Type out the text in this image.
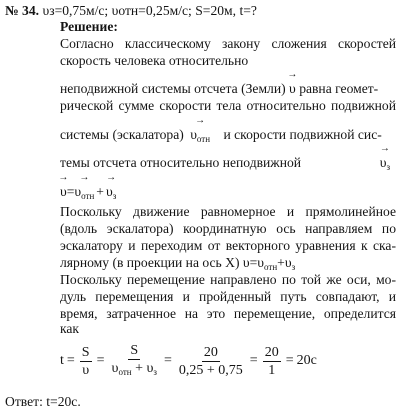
№ 34. υз=0,75м/с; υотн=0,25м/с; S=20м, t=?
Решение:
Согласно классическому закону сложения скоростей
скорость человека относительно
неподвижной системы отсчета (Земли)
→
υ равна геомет-
рической сумме скорости тела относительно подвижной
системы (эскалатора)
→
$\upsilon_{отн}$ и скорости подвижной сис-
темы отсчета относительно неподвижной
→
$\upsilon_з$
→
υ=
→
$\upsilon_{отн}$ +
→
$\upsilon_з$
Поскольку движение равномерное и прямолинейное
(вдоль эскалатора) координатную ось направляем по
эскалатору и переходим от векторного уравнения к ска-
лярному (в проекции на ось X) $\upsilon=\upsilon_{отн}+\upsilon_з$
Поскольку перемещение направлено по той же оси, мо-
дуль перемещения и пройденный путь совпадают, и
время, затраченное на это перемещение, определится
как
$t = \frac{S}{\upsilon} = \frac{S}{\upsilon_{отн} + \upsilon_з} = \frac{20}{0,25 + 0,75} = \frac{20}{1} = 20с$
Ответ: t=20с.
